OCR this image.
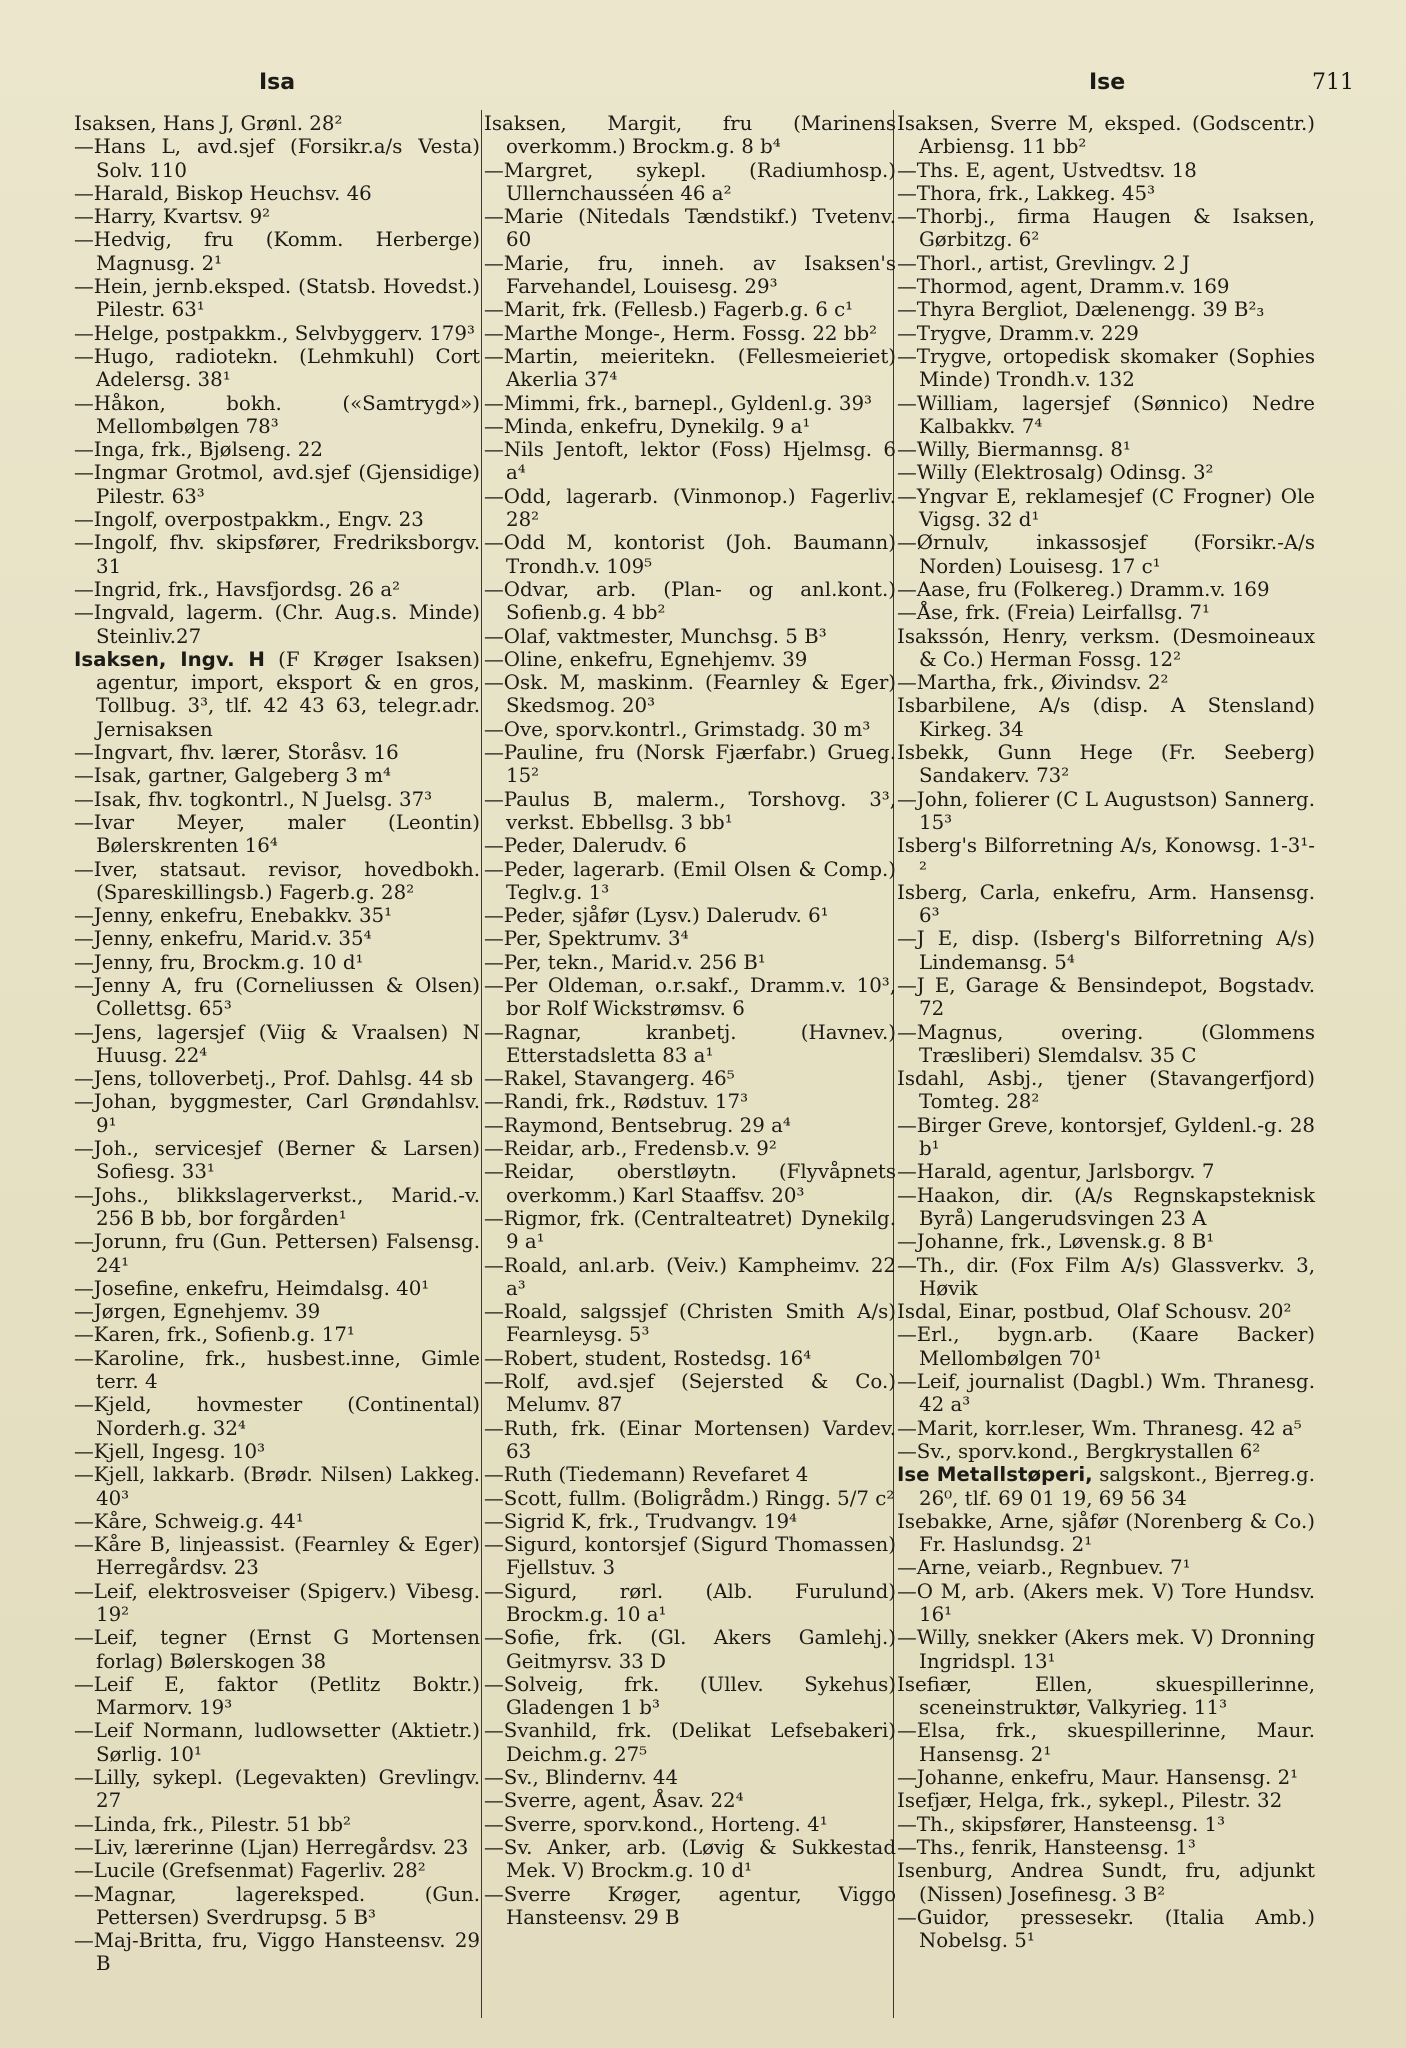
Isa	Ise	711
Isaksen, Hans J, Grønl. 28²
—Hans L, avd.sjef (Forsikr.a/s Vesta) Solv. 110
—Harald, Biskop Heuchsv. 46
—Harry, Kvartsv. 9²
—Hedvig, fru (Komm. Herberge) Magnusg. 2¹
—Hein, jernb.eksped. (Statsb. Hovedst.) Pilestr. 63¹
—Helge, postpakkm., Selvbyggerv. 179³
—Hugo, radiotekn. (Lehmkuhl) Cort Adelersg. 38¹
—Håkon, bokh. («Samtrygd») Mellombølgen 78³
—Inga, frk., Bjølseng. 22
—Ingmar Grotmol, avd.sjef (Gjensidige) Pilestr. 63³
—Ingolf, overpostpakkm., Engv. 23
—Ingolf, fhv. skipsfører, Fredriksborgv. 31
—Ingrid, frk., Havsfjordsg. 26 a²
—Ingvald, lagerm. (Chr. Aug.s. Minde) Steinliv.27
Isaksen, Ingv. H (F Krøger Isaksen) agentur, import, eksport & en gros, Tollbug. 3³, tlf. 42 43 63, telegr.adr. Jernisaksen
—Ingvart, fhv. lærer, Storåsv. 16
—Isak, gartner, Galgeberg 3 m⁴
—Isak, fhv. togkontrl., N Juelsg. 37³
—Ivar Meyer, maler (Leontin) Bølerskrenten 16⁴
—Iver, statsaut. revisor, hovedbokh. (Spareskillingsb.) Fagerb.g. 28²
—Jenny, enkefru, Enebakkv. 35¹
—Jenny, enkefru, Marid.v. 35⁴
—Jenny, fru, Brockm.g. 10 d¹
—Jenny A, fru (Corneliussen & Olsen) Collettsg. 65³
—Jens, lagersjef (Viig & Vraalsen) N Huusg. 22⁴
—Jens, tolloverbetj., Prof. Dahlsg. 44 sb
—Johan, byggmester, Carl Grøndahlsv. 9¹
—Joh., servicesjef (Berner & Larsen) Sofiesg. 33¹
—Johs., blikkslagerverkst., Marid.-v. 256 B bb, bor forgården¹
—Jorunn, fru (Gun. Pettersen) Falsensg. 24¹
—Josefine, enkefru, Heimdalsg. 40¹
—Jørgen, Egnehjemv. 39
—Karen, frk., Sofienb.g. 17¹
—Karoline, frk., husbest.inne, Gimle terr. 4
—Kjeld, hovmester (Continental) Norderh.g. 32⁴
—Kjell, Ingesg. 10³
—Kjell, lakkarb. (Brødr. Nilsen) Lakkeg. 40³
—Kåre, Schweig.g. 44¹
—Kåre B, linjeassist. (Fearnley & Eger) Herregårdsv. 23
—Leif, elektrosveiser (Spigerv.) Vibesg. 19²
—Leif, tegner (Ernst G Mortensen forlag) Bølerskogen 38
—Leif E, faktor (Petlitz Boktr.) Marmorv. 19³
—Leif Normann, ludlowsetter (Aktietr.) Sørlig. 10¹
—Lilly, sykepl. (Legevakten) Grevlingv. 27
—Linda, frk., Pilestr. 51 bb²
—Liv, lærerinne (Ljan) Herregårdsv. 23
—Lucile (Grefsenmat) Fagerliv. 28²
—Magnar, lagereksped. (Gun. Pettersen) Sverdrupsg. 5 B³
—Maj-Britta, fru, Viggo Hansteensv. 29 B
Isaksen, Margit, fru (Marinens overkomm.) Brockm.g. 8 b⁴
—Margret, sykepl. (Radiumhosp.) Ullernchausséen 46 a²
—Marie (Nitedals Tændstikf.) Tvetenv. 60
—Marie, fru, inneh. av Isaksen's Farvehandel, Louisesg. 29³
—Marit, frk. (Fellesb.) Fagerb.g. 6 c¹
—Marthe Monge-, Herm. Fossg. 22 bb²
—Martin, meieritekn. (Fellesmeieriet) Akerlia 37⁴
—Mimmi, frk., barnepl., Gyldenl.g. 39³
—Minda, enkefru, Dynekilg. 9 a¹
—Nils Jentoft, lektor (Foss) Hjelmsg. 6 a⁴
—Odd, lagerarb. (Vinmonop.) Fagerliv. 28²
—Odd M, kontorist (Joh. Baumann) Trondh.v. 109⁵
—Odvar, arb. (Plan- og anl.kont.) Sofienb.g. 4 bb²
—Olaf, vaktmester, Munchsg. 5 B³
—Oline, enkefru, Egnehjemv. 39
—Osk. M, maskinm. (Fearnley & Eger) Skedsmog. 20³
—Ove, sporv.kontrl., Grimstadg. 30 m³
—Pauline, fru (Norsk Fjærfabr.) Grueg. 15²
—Paulus B, malerm., Torshovg. 3³, verkst. Ebbellsg. 3 bb¹
—Peder, Dalerudv. 6
—Peder, lagerarb. (Emil Olsen & Comp.) Teglv.g. 1³
—Peder, sjåfør (Lysv.) Dalerudv. 6¹
—Per, Spektrumv. 3⁴
—Per, tekn., Marid.v. 256 B¹
—Per Oldeman, o.r.sakf., Dramm.v. 10³, bor Rolf Wickstrømsv. 6
—Ragnar, kranbetj. (Havnev.) Etterstadsletta 83 a¹
—Rakel, Stavangerg. 46⁵
—Randi, frk., Rødstuv. 17³
—Raymond, Bentsebrug. 29 a⁴
—Reidar, arb., Fredensb.v. 9²
—Reidar, oberstløytn. (Flyvåpnets overkomm.) Karl Staaffsv. 20³
—Rigmor, frk. (Centralteatret) Dynekilg. 9 a¹
—Roald, anl.arb. (Veiv.) Kampheimv. 22 a³
—Roald, salgssjef (Christen Smith A/s) Fearnleysg. 5³
—Robert, student, Rostedsg. 16⁴
—Rolf, avd.sjef (Sejersted & Co.) Melumv. 87
—Ruth, frk. (Einar Mortensen) Vardev. 63
—Ruth (Tiedemann) Revefaret 4
—Scott, fullm. (Boligrådm.) Ringg. 5/7 c²
—Sigrid K, frk., Trudvangv. 19⁴
—Sigurd, kontorsjef (Sigurd Thomassen) Fjellstuv. 3
—Sigurd, rørl. (Alb. Furulund) Brockm.g. 10 a¹
—Sofie, frk. (Gl. Akers Gamlehj.) Geitmyrsv. 33 D
—Solveig, frk. (Ullev. Sykehus) Gladengen 1 b³
—Svanhild, frk. (Delikat Lefsebakeri) Deichm.g. 27⁵
—Sv., Blindernv. 44
—Sverre, agent, Åsav. 22⁴
—Sverre, sporv.kond., Horteng. 4¹
—Sv. Anker, arb. (Løvig & Sukkestad Mek. V) Brockm.g. 10 d¹
—Sverre Krøger, agentur, Viggo Hansteensv. 29 B
Isaksen, Sverre M, eksped. (Godscentr.) Arbiensg. 11 bb²
—Ths. E, agent, Ustvedtsv. 18
—Thora, frk., Lakkeg. 45³
—Thorbj., firma Haugen & Isaksen, Gørbitzg. 6²
—Thorl., artist, Grevlingv. 2 J
—Thormod, agent, Dramm.v. 169
—Thyra Bergliot, Dælenengg. 39 B²₃
—Trygve, Dramm.v. 229
—Trygve, ortopedisk skomaker (Sophies Minde) Trondh.v. 132
—William, lagersjef (Sønnico) Nedre Kalbakkv. 7⁴
—Willy, Biermannsg. 8¹
—Willy (Elektrosalg) Odinsg. 3²
—Yngvar E, reklamesjef (C Frogner) Ole Vigsg. 32 d¹
—Ørnulv, inkassosjef (Forsikr.-A/s Norden) Louisesg. 17 c¹
—Aase, fru (Folkereg.) Dramm.v. 169
—Åse, frk. (Freia) Leirfallsg. 7¹
Isakssón, Henry, verksm. (Desmoineaux & Co.) Herman Fossg. 12²
—Martha, frk., Øivindsv. 2²
Isbarbilene, A/s (disp. A Stensland) Kirkeg. 34
Isbekk, Gunn Hege (Fr. Seeberg) Sandakerv. 73²
—John, folierer (C L Augustson) Sannerg. 15³
Isberg's Bilforretning A/s, Konowsg. 1-3¹-²
Isberg, Carla, enkefru, Arm. Hansensg. 6³
—J E, disp. (Isberg's Bilforretning A/s) Lindemansg. 5⁴
—J E, Garage & Bensindepot, Bogstadv. 72
—Magnus, overing. (Glommens Træsliberi) Slemdalsv. 35 C
Isdahl, Asbj., tjener (Stavangerfjord) Tomteg. 28²
—Birger Greve, kontorsjef, Gyldenl.-g. 28 b¹
—Harald, agentur, Jarlsborgv. 7
—Haakon, dir. (A/s Regnskapsteknisk Byrå) Langerudsvingen 23 A
—Johanne, frk., Løvensk.g. 8 B¹
—Th., dir. (Fox Film A/s) Glassverkv. 3, Høvik
Isdal, Einar, postbud, Olaf Schousv. 20²
—Erl., bygn.arb. (Kaare Backer) Mellombølgen 70¹
—Leif, journalist (Dagbl.) Wm. Thranesg. 42 a³
—Marit, korr.leser, Wm. Thranesg. 42 a⁵
—Sv., sporv.kond., Bergkrystallen 6²
Ise Metallstøperi, salgskont., Bjerreg.g. 26⁰, tlf. 69 01 19, 69 56 34
Isebakke, Arne, sjåfør (Norenberg & Co.) Fr. Haslundsg. 2¹
—Arne, veiarb., Regnbuev. 7¹
—O M, arb. (Akers mek. V) Tore Hundsv. 16¹
—Willy, snekker (Akers mek. V) Dronning Ingridspl. 13¹
Isefiær, Ellen, skuespillerinne, sceneinstruktør, Valkyrieg. 11³
—Elsa, frk., skuespillerinne, Maur. Hansensg. 2¹
—Johanne, enkefru, Maur. Hansensg. 2¹
Isefjær, Helga, frk., sykepl., Pilestr. 32
—Th., skipsfører, Hansteensg. 1³
—Ths., fenrik, Hansteensg. 1³
Isenburg, Andrea Sundt, fru, adjunkt (Nissen) Josefinesg. 3 B²
—Guidor, pressesekr. (Italia Amb.) Nobelsg. 5¹
